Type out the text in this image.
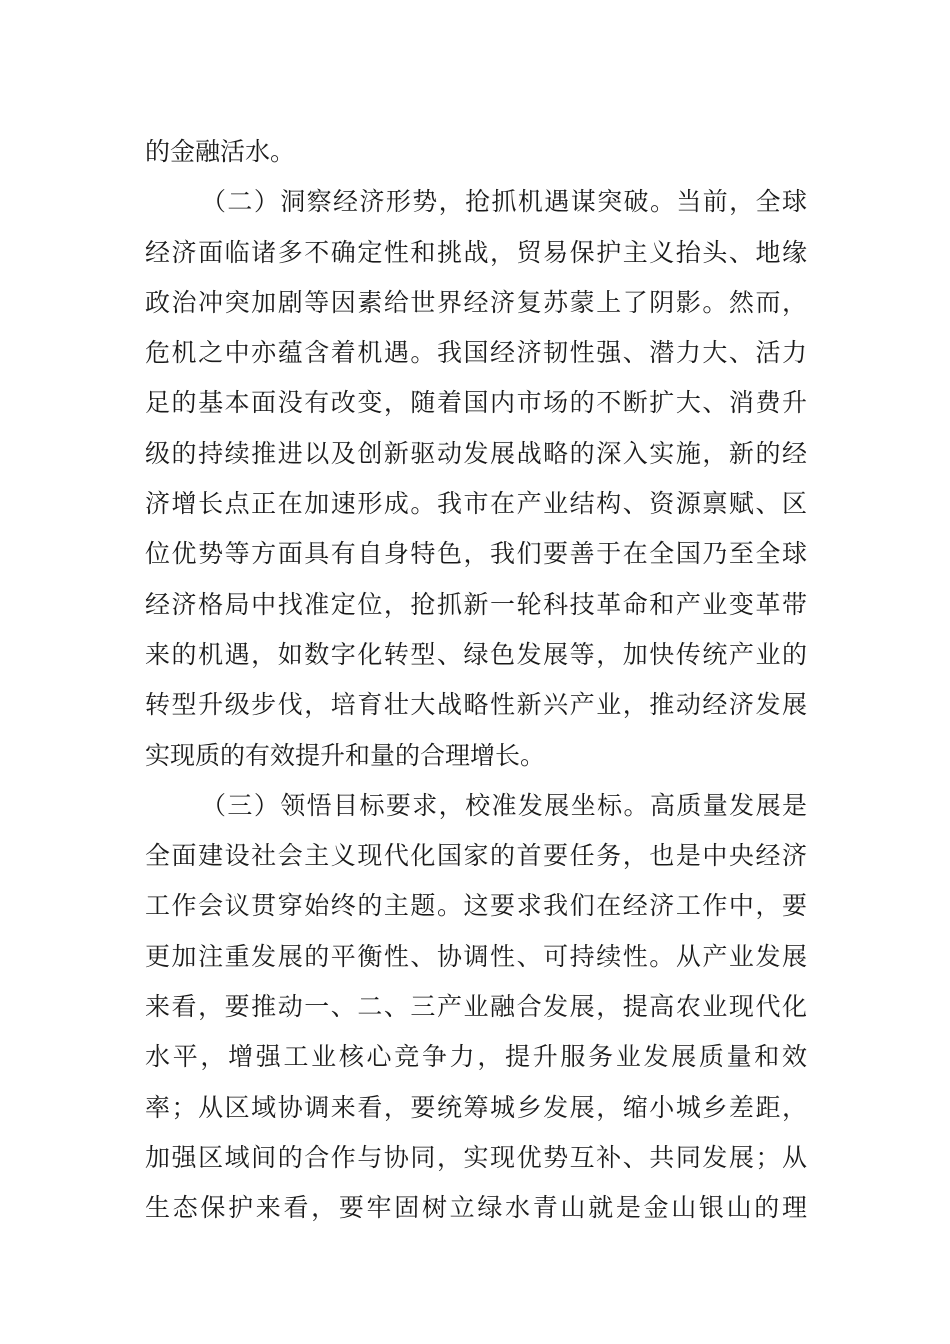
的金融活水。
（二）洞察经济形势，抢抓机遇谋突破。当前，全球
经济面临诸多不确定性和挑战，贸易保护主义抬头、地缘
政治冲突加剧等因素给世界经济复苏蒙上了阴影。然而，
危机之中亦蕴含着机遇。我国经济韧性强、潜力大、活力
足的基本面没有改变，随着国内市场的不断扩大、消费升
级的持续推进以及创新驱动发展战略的深入实施，新的经
济增长点正在加速形成。我市在产业结构、资源禀赋、区
位优势等方面具有自身特色，我们要善于在全国乃至全球
经济格局中找准定位，抢抓新一轮科技革命和产业变革带
来的机遇，如数字化转型、绿色发展等，加快传统产业的
转型升级步伐，培育壮大战略性新兴产业，推动经济发展
实现质的有效提升和量的合理增长。
（三）领悟目标要求，校准发展坐标。高质量发展是
全面建设社会主义现代化国家的首要任务，也是中央经济
工作会议贯穿始终的主题。这要求我们在经济工作中，要
更加注重发展的平衡性、协调性、可持续性。从产业发展
来看，要推动一、二、三产业融合发展，提高农业现代化
水平，增强工业核心竞争力，提升服务业发展质量和效
率；从区域协调来看，要统筹城乡发展，缩小城乡差距，
加强区域间的合作与协同，实现优势互补、共同发展；从
生态保护来看，要牢固树立绿水青山就是金山银山的理
